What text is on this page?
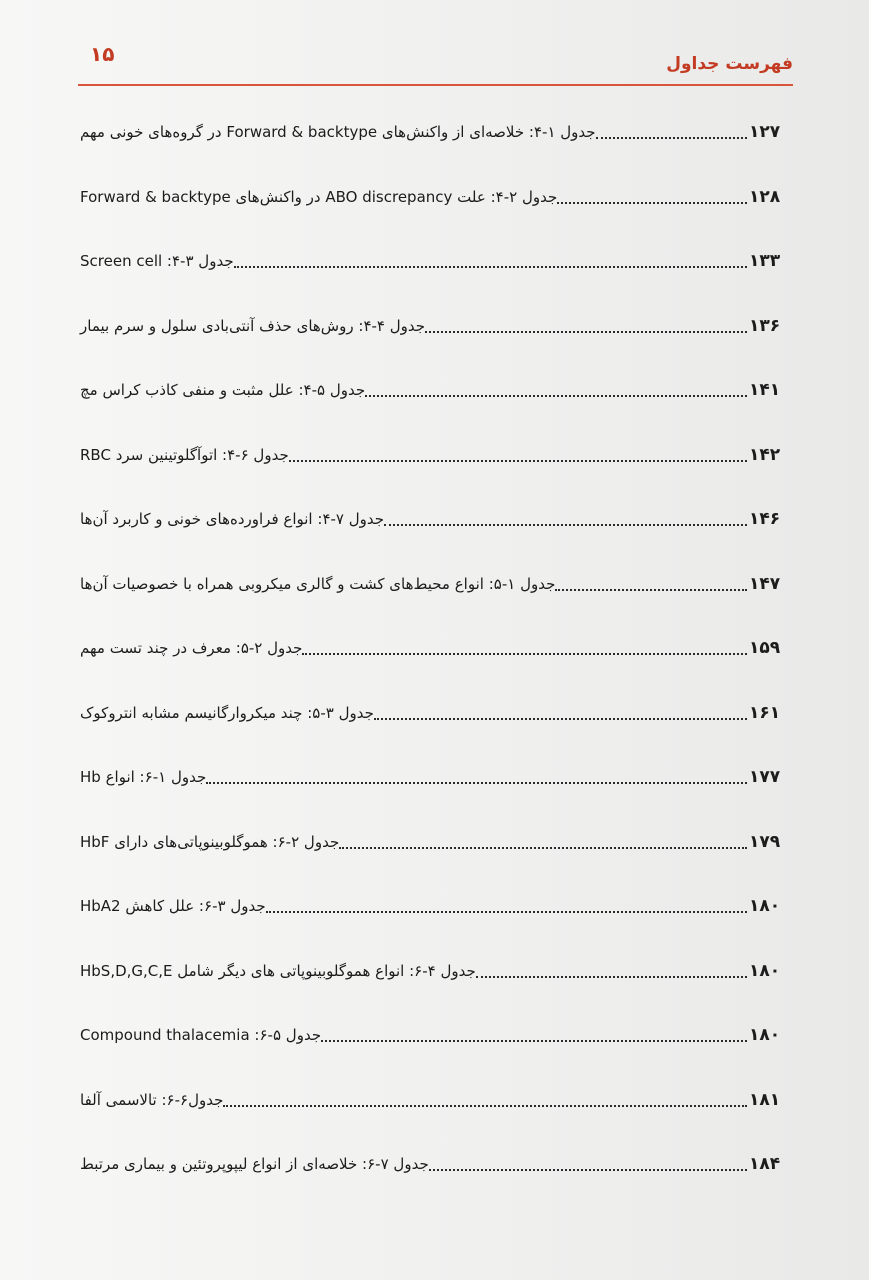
فهرست جداول
۱۵
۱۲۷
جدول ۱-۴: خلاصه‌ای از واکنش‌های Forward & backtype در گروه‌های خونی مهم
۱۲۸
جدول ۲-۴: علت ABO discrepancy در واکنش‌های Forward & backtype
۱۳۳
جدول ۳-۴: Screen cell
۱۳۶
جدول ۴-۴: روش‌های حذف آنتی‌بادی سلول و سرم بیمار
۱۴۱
جدول ۵-۴: علل مثبت و منفی کاذب کراس مچ
۱۴۲
جدول ۶-۴: اتوآگلوتینین سرد RBC
۱۴۶
جدول ۷-۴: انواع فراورده‌های خونی و کاربرد آن‌ها
۱۴۷
جدول ۱-۵: انواع محیط‌های کشت و گالری میکروبی همراه با خصوصیات آن‌ها
۱۵۹
جدول ۲-۵: معرف در چند تست مهم
۱۶۱
جدول ۳-۵: چند میکروارگانیسم مشابه انتروکوک
۱۷۷
جدول ۱-۶: انواع Hb
۱۷۹
جدول ۲-۶: هموگلوبینوپاتی‌های دارای HbF
۱۸۰
جدول ۳-۶: علل کاهش HbA2
۱۸۰
جدول ۴-۶: انواع هموگلوبینوپاتی های دیگر شامل HbS,D,G,C,E
۱۸۰
جدول ۵-۶: Compound thalacemia
۱۸۱
جدول۶-۶: تالاسمی آلفا
۱۸۴
جدول ۷-۶: خلاصه‌ای از انواع لیپوپروتئین و بیماری مرتبط
